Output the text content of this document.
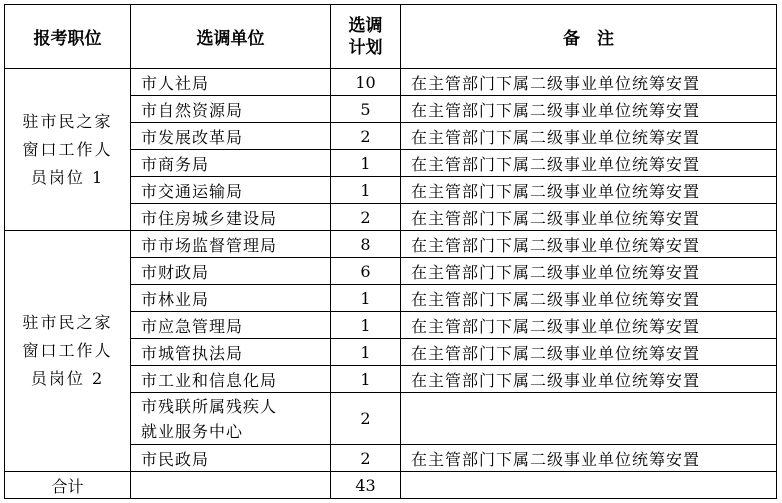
报考职位	选调单位	选调
计划	备　注

驻市民之家
窗口工作人
员岗位 1	市人社局	10	在主管部门下属二级事业单位统筹安置

	市自然资源局	5	在主管部门下属二级事业单位统筹安置

	市发展改革局	2	在主管部门下属二级事业单位统筹安置

	市商务局	1	在主管部门下属二级事业单位统筹安置

	市交通运输局	1	在主管部门下属二级事业单位统筹安置

	市住房城乡建设局	2	在主管部门下属二级事业单位统筹安置

驻市民之家
窗口工作人
员岗位 2	市市场监督管理局	8	在主管部门下属二级事业单位统筹安置

	市财政局	6	在主管部门下属二级事业单位统筹安置

	市林业局	1	在主管部门下属二级事业单位统筹安置

	市应急管理局	1	在主管部门下属二级事业单位统筹安置

	市城管执法局	1	在主管部门下属二级事业单位统筹安置

	市工业和信息化局	1	在主管部门下属二级事业单位统筹安置

	市残联所属残疾人
就业服务中心	2	

	市民政局	2	在主管部门下属二级事业单位统筹安置
合计		43	
